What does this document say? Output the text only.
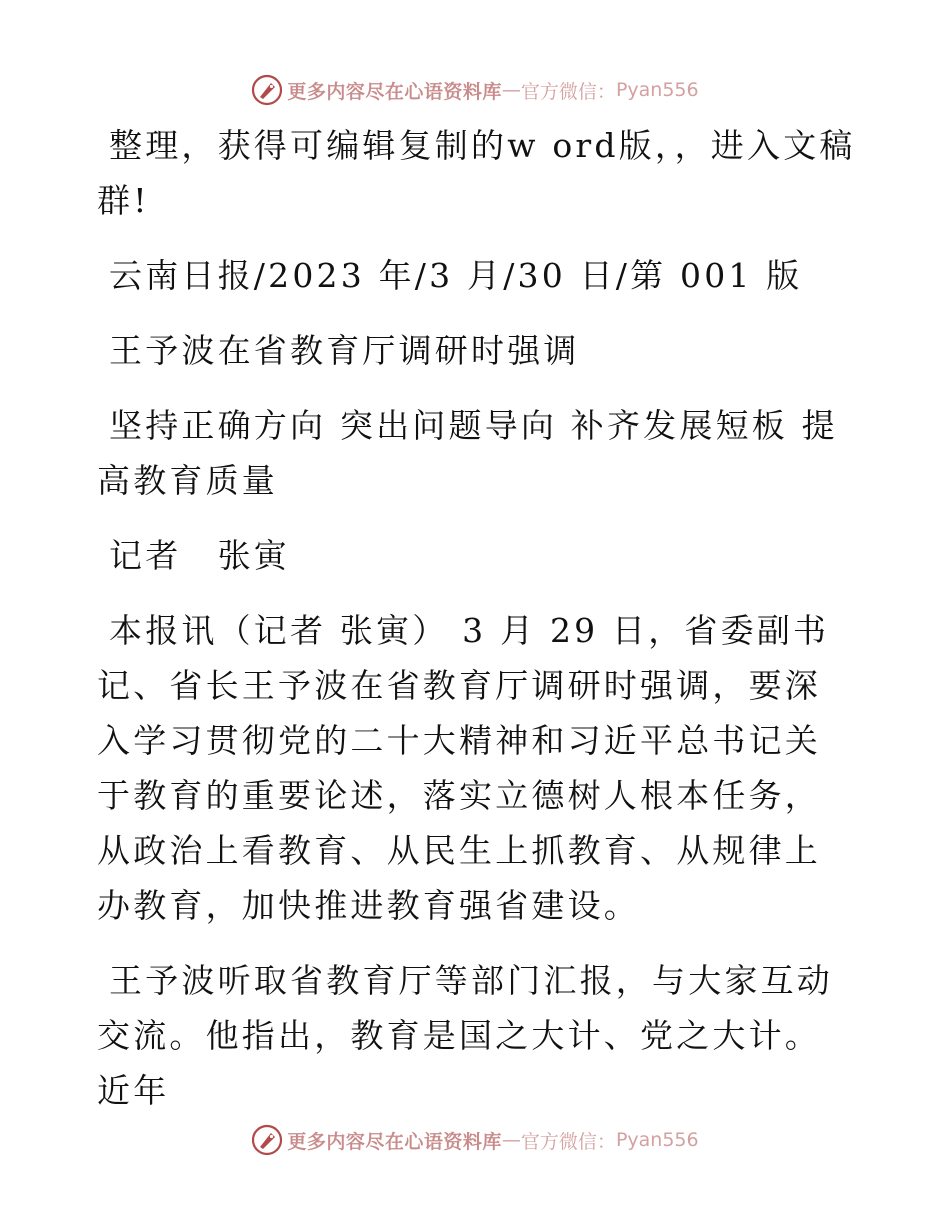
更多内容尽在心语资料库 — 官方微信： Pyan556

整理，获得可编辑复制的w ord版，，进入文稿群!

云南日报/2023 年/3 月/30 日/第 001 版

王予波在省教育厅调研时强调

坚持正确方向 突出问题导向 补齐发展短板 提高教育质量

记者　张寅

本报讯（记者 张寅） 3 月 29 日，省委副书记、省长王予波在省教育厅调研时强调，要深入学习贯彻党的二十大精神和习近平总书记关于教育的重要论述，落实立德树人根本任务，从政治上看教育、从民生上抓教育、从规律上办教育，加快推进教育强省建设。

王予波听取省教育厅等部门汇报，与大家互动交流。他指出，教育是国之大计、党之大计。近年

更多内容尽在心语资料库 — 官方微信： Pyan556
